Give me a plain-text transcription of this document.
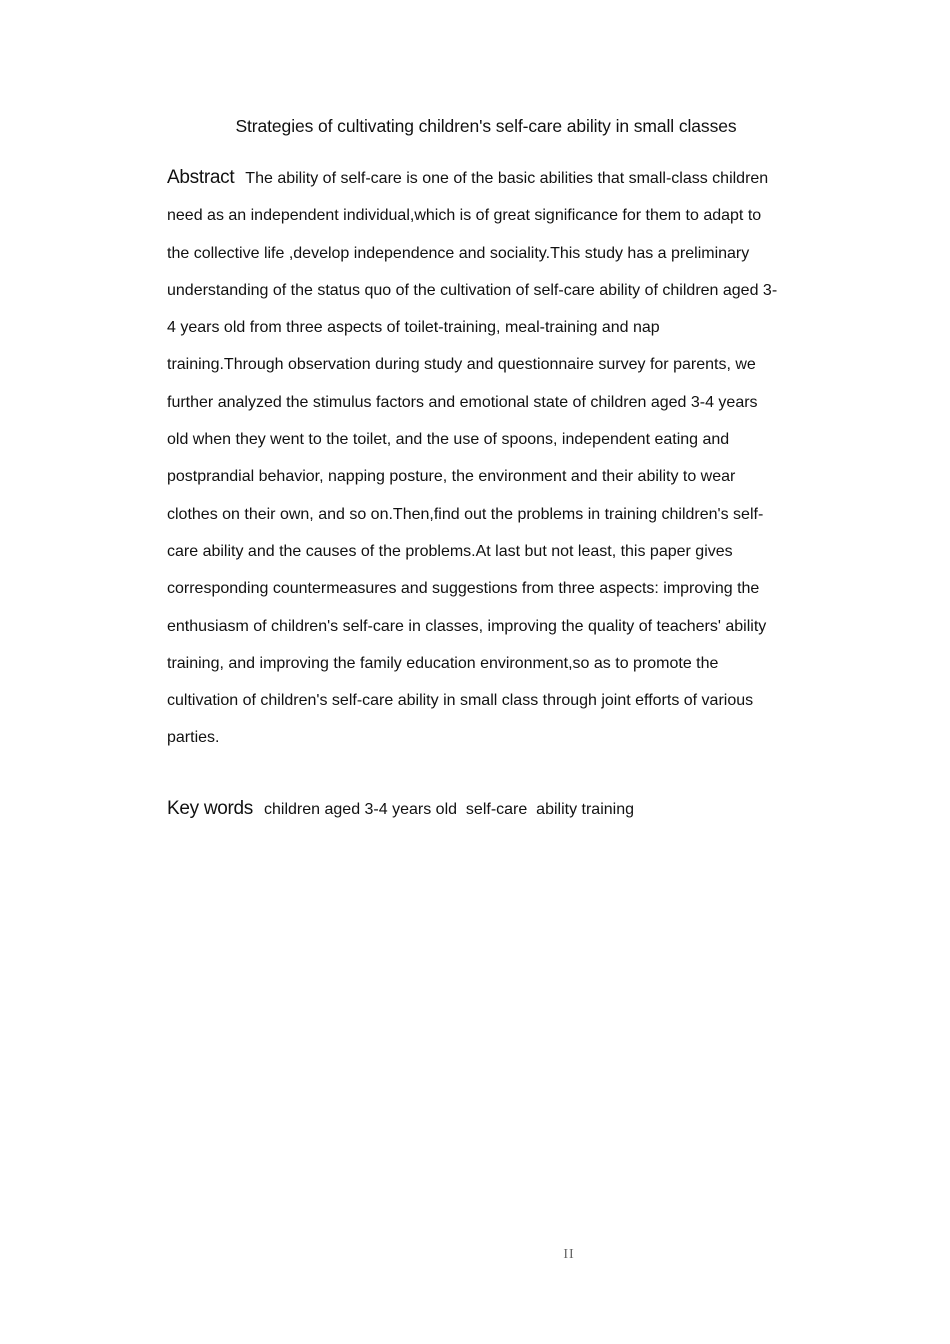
Strategies of cultivating children's self-care ability in small classes

Abstract The ability of self-care is one of the basic abilities that small-class children
need as an independent individual,which is of great significance for them to adapt to
the collective life ,develop independence and sociality.This study has a preliminary
understanding of the status quo of the cultivation of self-care ability of children aged 3-
4 years old from three aspects of toilet-training, meal-training and nap
training.Through observation during study and questionnaire survey for parents, we
further analyzed the stimulus factors and emotional state of children aged 3-4 years
old when they went to the toilet, and the use of spoons, independent eating and
postprandial behavior, napping posture, the environment and their ability to wear
clothes on their own, and so on.Then,find out the problems in training children's self-
care ability and the causes of the problems.At last but not least, this paper gives
corresponding countermeasures and suggestions from three aspects: improving the
enthusiasm of children's self-care in classes, improving the quality of teachers' ability
training, and improving the family education environment,so as to promote the
cultivation of children's self-care ability in small class through joint efforts of various
parties.

Key words children aged 3-4 years old self-care ability training

II
